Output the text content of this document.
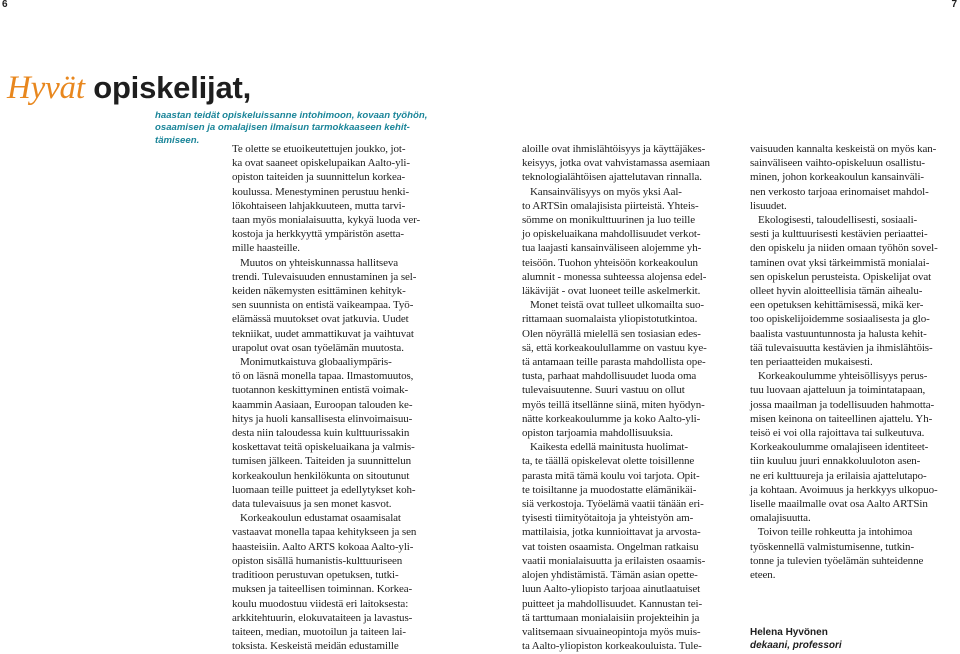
6	7
Hyvät opiskelijat,
haastan teidät opiskeluissanne intohimoon, kovaan työhön,
osaamisen ja omalajisen ilmaisun tarmokkaaseen kehit-
tämiseen.
Te olette se etuoikeutettujen joukko, jot-
ka ovat saaneet opiskelupaikan Aalto-yli-
opiston taiteiden ja suunnittelun korkea-
koulussa. Menestyminen perustuu henki-
lökohtaiseen lahjakkuuteen, mutta tarvi-
taan myös monialaisuutta, kykyä luoda ver-
kostoja ja herkkyyttä ympäristön asetta-
mille haasteille.
Muutos on yhteiskunnassa hallitseva
trendi. Tulevaisuuden ennustaminen ja sel-
keiden näkemysten esittäminen kehityk-
sen suunnista on entistä vaikeampaa. Työ-
elämässä muutokset ovat jatkuvia. Uudet
tekniikat, uudet ammattikuvat ja vaihtuvat
urapolut ovat osan työelämän muutosta.
Monimutkaistuva globaaliympäris-
tö on läsnä monella tapaa. Ilmastomuutos,
tuotannon keskittyminen entistä voimak-
kaammin Aasiaan, Euroopan talouden ke-
hitys ja huoli kansallisesta elinvoimaisuu-
desta niin taloudessa kuin kulttuurissakin
koskettavat teitä opiskeluaikana ja valmis-
tumisen jälkeen. Taiteiden ja suunnittelun
korkeakoulun henkilökunta on sitoutunut
luomaan teille puitteet ja edellytykset koh-
data tulevaisuus ja sen monet kasvot.
Korkeakoulun edustamat osaamisalat
vastaavat monella tapaa kehitykseen ja sen
haasteisiin. Aalto ARTS kokoaa Aalto-yli-
opiston sisällä humanistis-kulttuuriseen
traditioon perustuvan opetuksen, tutki-
muksen ja taiteellisen toiminnan. Korkea-
koulu muodostuu viidestä eri laitoksesta:
arkkitehtuurin, elokuvataiteen ja lavastus-
taiteen, median, muotoilun ja taiteen lai-
toksista. Keskeistä meidän edustamille
aloille ovat ihmislähtöisyys ja käyttäjäkes-
keisyys, jotka ovat vahvistamassa asemiaan
teknologialähtöisen ajattelutavan rinnalla.
Kansainvälisyys on myös yksi Aal-
to ARTSin omalajisista piirteistä. Yhteis-
sömme on monikulttuurinen ja luo teille
jo opiskeluaikana mahdollisuudet verkot-
tua laajasti kansainväliseen alojemme yh-
teisöön. Tuohon yhteisöön korkeakoulun
alumnit - monessa suhteessa alojensa edel-
läkävijät - ovat luoneet teille askelmerkit.
Monet teistä ovat tulleet ulkomailta suo-
rittamaan suomalaista yliopistotutkintoa.
Olen nöyrällä mielellä sen tosiasian edes-
sä, että korkeakoulullamme on vastuu kye-
tä antamaan teille parasta mahdollista ope-
tusta, parhaat mahdollisuudet luoda oma
tulevaisuutenne. Suuri vastuu on ollut
myös teillä itsellänne siinä, miten hyödyn-
nätte korkeakoulumme ja koko Aalto-yli-
opiston tarjoamia mahdollisuuksia.
Kaikesta edellä mainitusta huolimat-
ta, te täällä opiskelevat olette toisillenne
parasta mitä tämä koulu voi tarjota. Opit-
te toisiltanne ja muodostatte elämänikäi-
siä verkostoja. Työelämä vaatii tänään eri-
tyisesti tiimityötaitoja ja yhteistyön am-
mattilaisia, jotka kunnioittavat ja arvosta-
vat toisten osaamista. Ongelman ratkaisu
vaatii monialaisuutta ja erilaisten osaamis-
alojen yhdistämistä. Tämän asian opette-
luun Aalto-yliopisto tarjoaa ainutlaatuiset
puitteet ja mahdollisuudet. Kannustan tei-
tä tarttumaan monialaisiin projekteihin ja
valitsemaan sivuaineopintoja myös muis-
ta Aalto-yliopiston korkeakouluista. Tule-
vaisuuden kannalta keskeistä on myös kan-
sainväliseen vaihto-opiskeluun osallistu-
minen, johon korkeakoulun kansainväli-
nen verkosto tarjoaa erinomaiset mahdol-
lisuudet.
Ekologisesti, taloudellisesti, sosiaali-
sesti ja kulttuurisesti kestävien periaattei-
den opiskelu ja niiden omaan työhön sovel-
taminen ovat yksi tärkeimmistä monialai-
sen opiskelun perusteista. Opiskelijat ovat
olleet hyvin aloitteellisia tämän aihealu-
een opetuksen kehittämisessä, mikä ker-
too opiskelijoidemme sosiaalisesta ja glo-
baalista vastuuntunnosta ja halusta kehit-
tää tulevaisuutta kestävien ja ihmislähtöis-
ten periaatteiden mukaisesti.
Korkeakoulumme yhteisöllisyys perus-
tuu luovaan ajatteluun ja toimintatapaan,
jossa maailman ja todellisuuden hahmotta-
misen keinona on taiteellinen ajattelu. Yh-
teisö ei voi olla rajoittava tai sulkeutuva.
Korkeakoulumme omalajiseen identiteet-
tiin kuuluu juuri ennakkoluuloton asen-
ne eri kulttuureja ja erilaisia ajattelutapo-
ja kohtaan. Avoimuus ja herkkyys ulkopuo-
liselle maailmalle ovat osa Aalto ARTSin
omalajisuutta.
Toivon teille rohkeutta ja intohimoa
työskennellä valmistumisenne, tutkin-
tonne ja tulevien työelämän suhteidenne
eteen.
Helena Hyvönen
dekaani, professori
